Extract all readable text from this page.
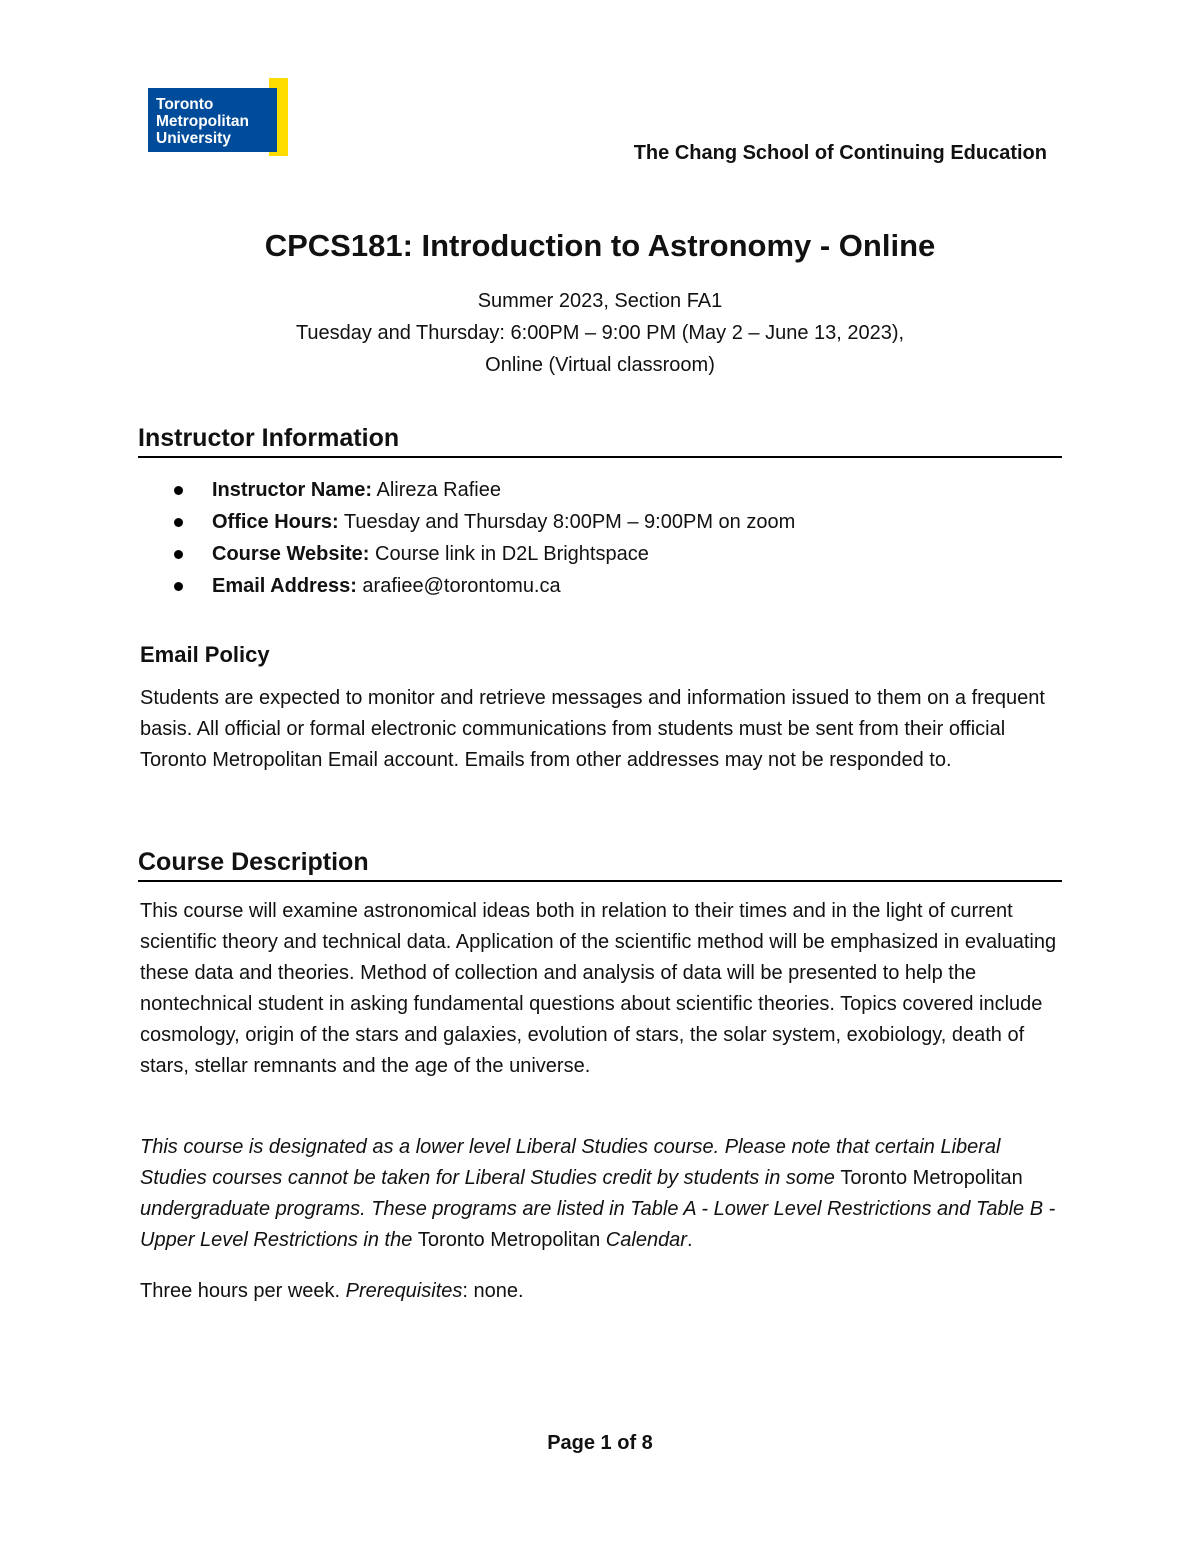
Toronto
Metropolitan
University
The Chang School of Continuing Education
CPCS181: Introduction to Astronomy - Online
Summer 2023, Section FA1
Tuesday and Thursday: 6:00PM – 9:00 PM (May 2 – June 13, 2023),
Online (Virtual classroom)
Instructor Information
Instructor Name: Alireza Rafiee
Office Hours: Tuesday and Thursday 8:00PM – 9:00PM on zoom
Course Website: Course link in D2L Brightspace
Email Address: arafiee@torontomu.ca
Email Policy
Students are expected to monitor and retrieve messages and information issued to them on a frequent basis. All official or formal electronic communications from students must be sent from their official Toronto Metropolitan Email account. Emails from other addresses may not be responded to.
Course Description
This course will examine astronomical ideas both in relation to their times and in the light of current scientific theory and technical data. Application of the scientific method will be emphasized in evaluating these data and theories. Method of collection and analysis of data will be presented to help the nontechnical student in asking fundamental questions about scientific theories. Topics covered include cosmology, origin of the stars and galaxies, evolution of stars, the solar system, exobiology, death of stars, stellar remnants and the age of the universe.
This course is designated as a lower level Liberal Studies course. Please note that certain Liberal Studies courses cannot be taken for Liberal Studies credit by students in some Toronto Metropolitan undergraduate programs. These programs are listed in Table A - Lower Level Restrictions and Table B - Upper Level Restrictions in the Toronto Metropolitan Calendar.
Three hours per week. Prerequisites: none.
Page 1 of 8
